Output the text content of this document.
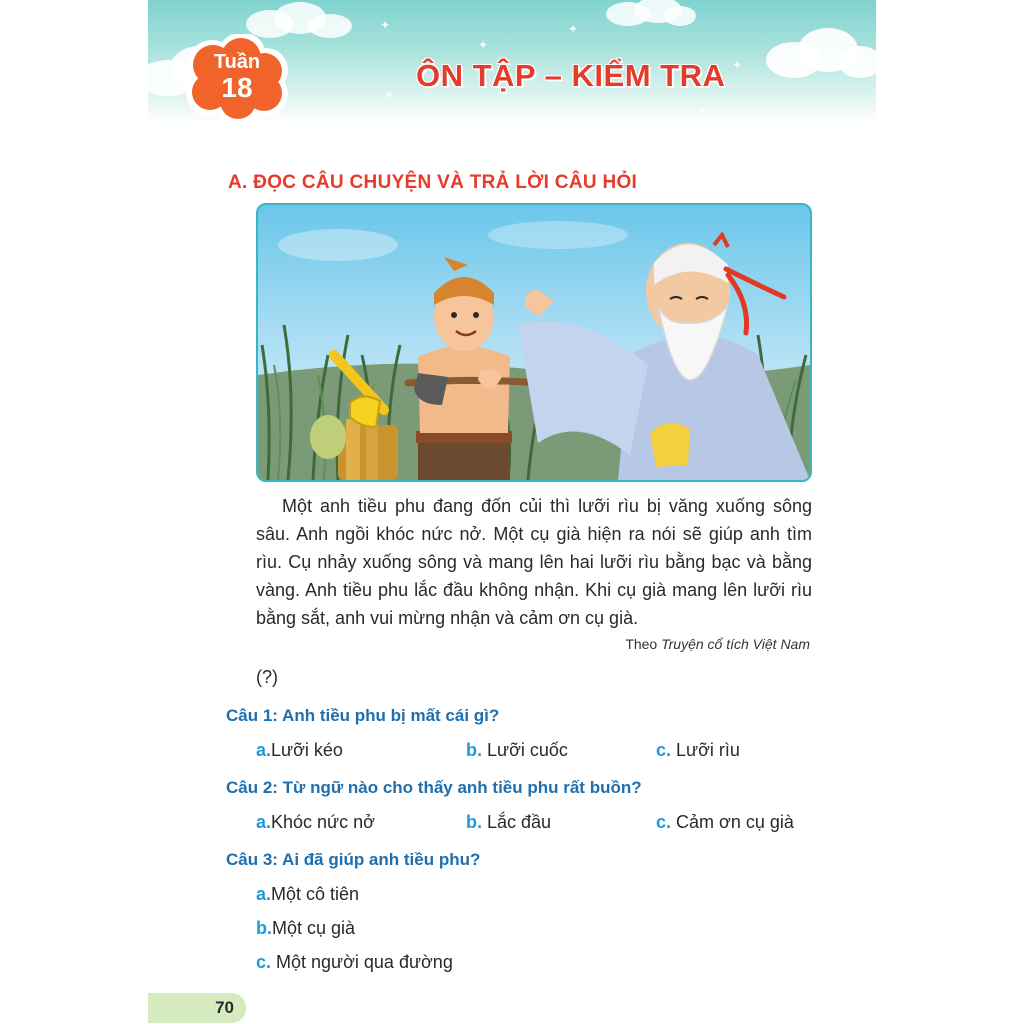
✦
✦
✦
✦
✦
✦
Tuần
18	ÔN TẬP – KIỂM TRA
A. ĐỌC CÂU CHUYỆN VÀ TRẢ LỜI CÂU HỎI

Một anh tiều phu đang đốn củi thì lưỡi rìu bị văng xuống sông sâu. Anh ngồi khóc nức nở. Một cụ già hiện ra nói sẽ giúp anh tìm rìu. Cụ nhảy xuống sông và mang lên hai lưỡi rìu bằng bạc và bằng vàng. Anh tiều phu lắc đầu không nhận. Khi cụ già mang lên lưỡi rìu bằng sắt, anh vui mừng nhận và cảm ơn cụ già.

Theo Truyện cổ tích Việt Nam
(?)
Câu 1: Anh tiều phu bị mất cái gì?
a.Lưỡi kéo	b. Lưỡi cuốc	c. Lưỡi rìu
Câu 2: Từ ngữ nào cho thấy anh tiều phu rất buồn?
a.Khóc nức nở	b. Lắc đầu	c. Cảm ơn cụ già
Câu 3: Ai đã giúp anh tiều phu?
a.Một cô tiên
b.Một cụ già
c. Một người qua đường
70
